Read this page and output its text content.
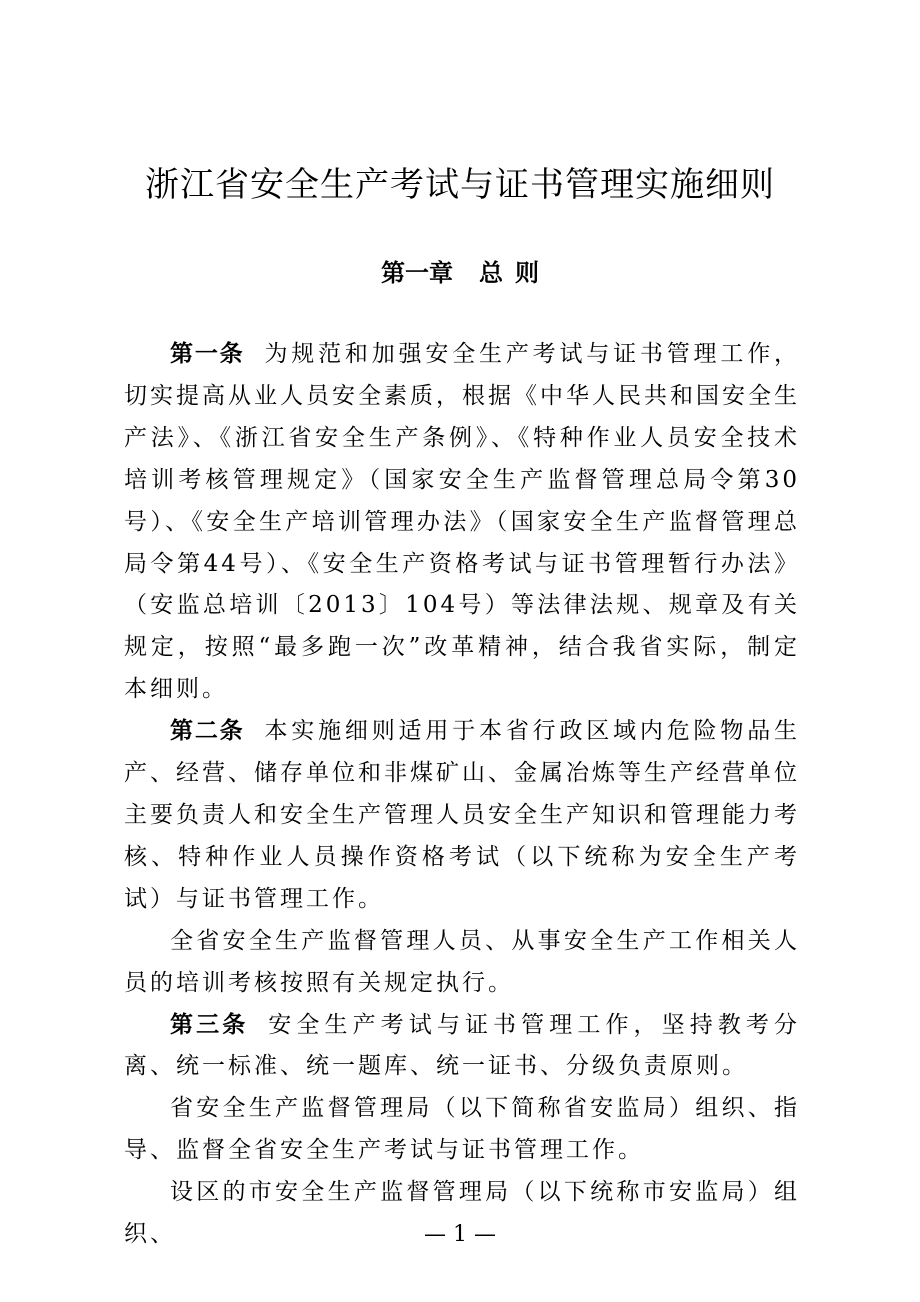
浙江省安全生产考试与证书管理实施细则
第一章 总 则

第一条 为规范和加强安全生产考试与证书管理工作，切实提高从业人员安全素质，根据《中华人民共和国安全生产法》、《浙江省安全生产条例》、《特种作业人员安全技术培训考核管理规定》（国家安全生产监督管理总局令第30号）、《安全生产培训管理办法》（国家安全生产监督管理总局令第44号）、《安全生产资格考试与证书管理暂行办法》（安监总培训〔2013〕104号）等法律法规、规章及有关规定，按照“最多跑一次”改革精神，结合我省实际，制定本细则。

第二条 本实施细则适用于本省行政区域内危险物品生产、经营、储存单位和非煤矿山、金属冶炼等生产经营单位主要负责人和安全生产管理人员安全生产知识和管理能力考核、特种作业人员操作资格考试（以下统称为安全生产考试）与证书管理工作。

全省安全生产监督管理人员、从事安全生产工作相关人员的培训考核按照有关规定执行。

第三条 安全生产考试与证书管理工作，坚持教考分离、统一标准、统一题库、统一证书、分级负责原则。

省安全生产监督管理局（以下简称省安监局）组织、指导、监督全省安全生产考试与证书管理工作。

设区的市安全生产监督管理局（以下统称市安监局）组织、	— 1 —
